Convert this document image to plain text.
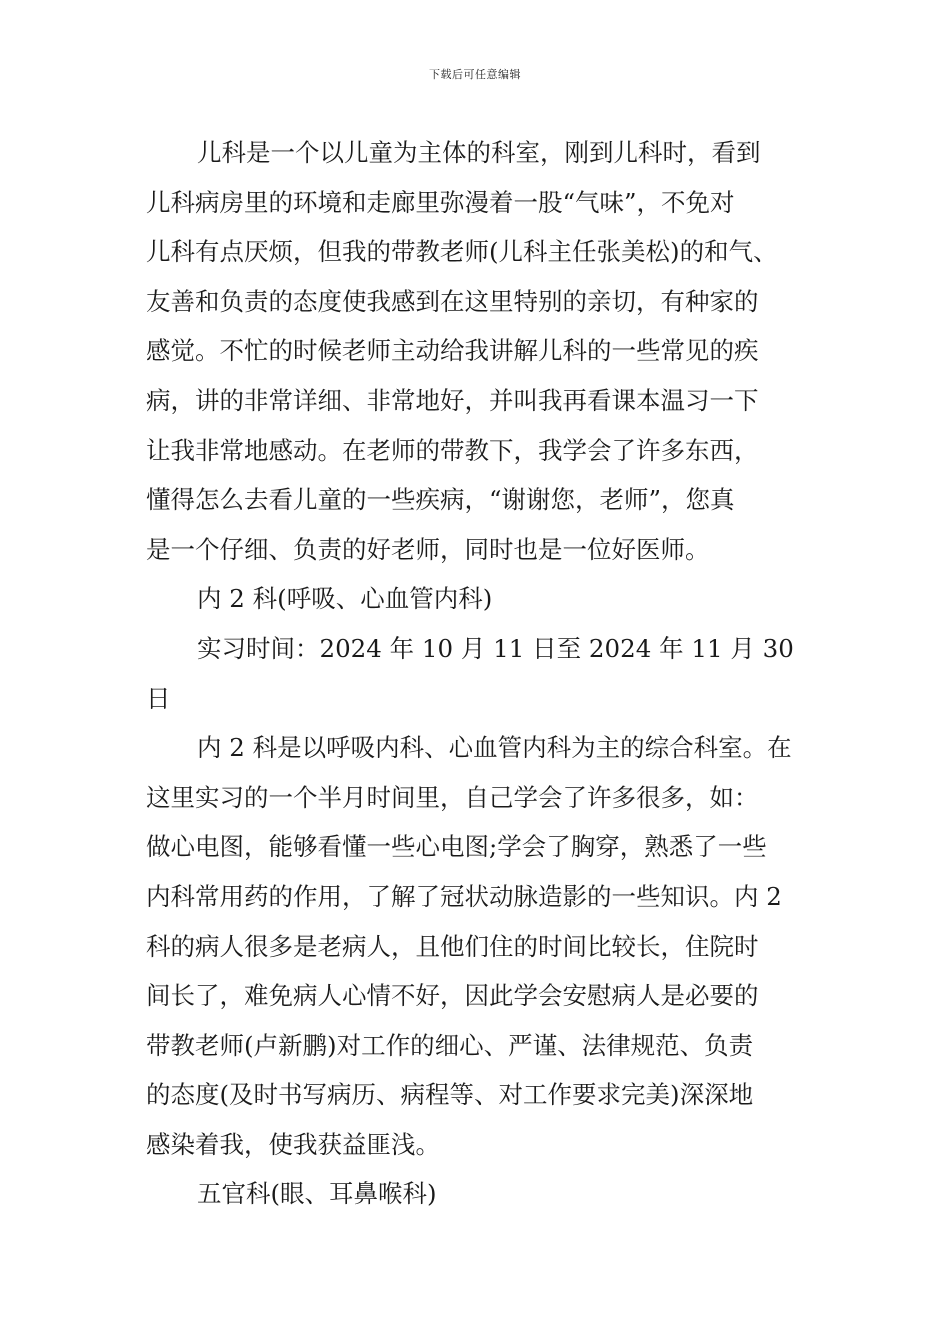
下载后可任意编辑
儿科是一个以儿童为主体的科室，刚到儿科时，看到
儿科病房里的环境和走廊里弥漫着一股“气味”，不免对
儿科有点厌烦，但我的带教老师(儿科主任张美松)的和气、
友善和负责的态度使我感到在这里特别的亲切，有种家的
感觉。不忙的时候老师主动给我讲解儿科的一些常见的疾
病，讲的非常详细、非常地好，并叫我再看课本温习一下
让我非常地感动。在老师的带教下，我学会了许多东西，
懂得怎么去看儿童的一些疾病，“谢谢您，老师”，您真
是一个仔细、负责的好老师，同时也是一位好医师。
内 2 科(呼吸、心血管内科)
实习时间：2024 年 10 月 11 日至 2024 年 11 月 30
日
内 2 科是以呼吸内科、心血管内科为主的综合科室。在
这里实习的一个半月时间里，自己学会了许多很多，如：
做心电图，能够看懂一些心电图;学会了胸穿，熟悉了一些
内科常用药的作用，了解了冠状动脉造影的一些知识。内 2
科的病人很多是老病人，且他们住的时间比较长，住院时
间长了，难免病人心情不好，因此学会安慰病人是必要的
带教老师(卢新鹏)对工作的细心、严谨、法律规范、负责
的态度(及时书写病历、病程等、对工作要求完美)深深地
感染着我，使我获益匪浅。
五官科(眼、耳鼻喉科)
